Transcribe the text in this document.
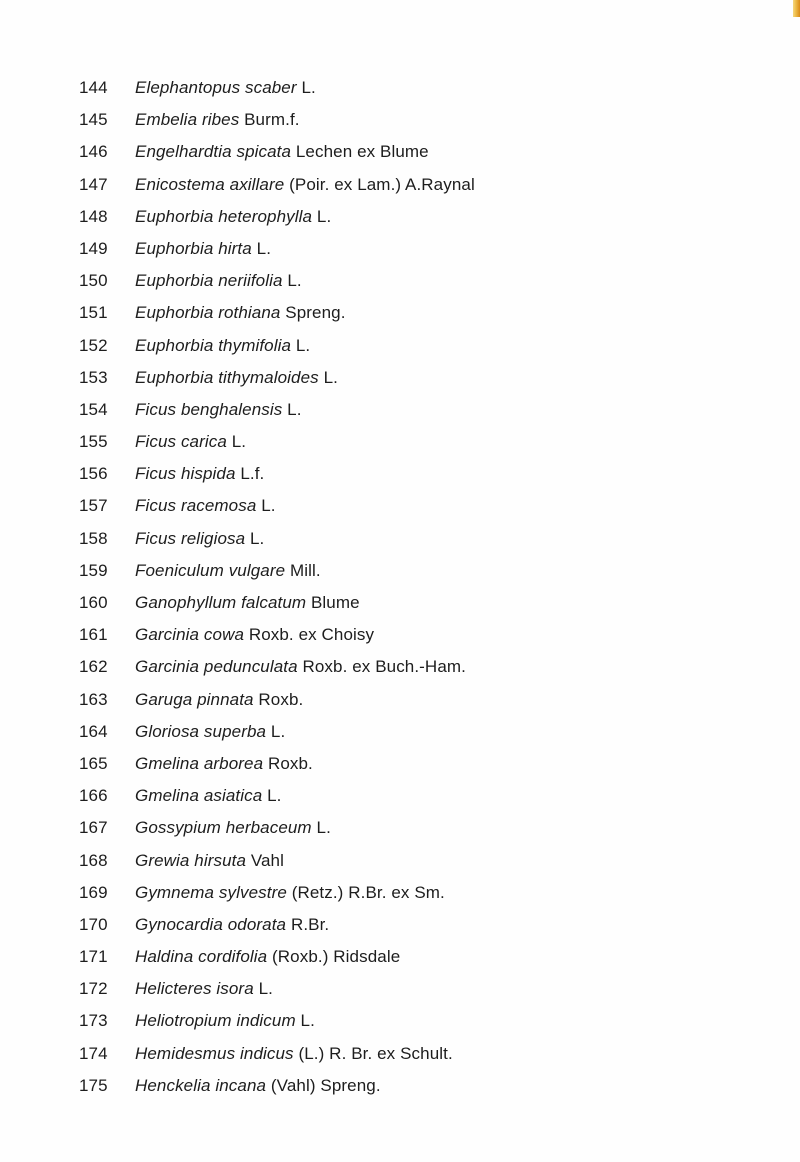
144	Elephantopus scaber L.
145	Embelia ribes Burm.f.
146	Engelhardtia spicata Lechen ex Blume
147	Enicostema axillare (Poir. ex Lam.) A.Raynal
148	Euphorbia heterophylla L.
149	Euphorbia hirta L.
150	Euphorbia neriifolia L.
151	Euphorbia rothiana Spreng.
152	Euphorbia thymifolia L.
153	Euphorbia tithymaloides L.
154	Ficus benghalensis L.
155	Ficus carica L.
156	Ficus hispida L.f.
157	Ficus racemosa L.
158	Ficus religiosa L.
159	Foeniculum vulgare Mill.
160	Ganophyllum falcatum Blume
161	Garcinia cowa Roxb. ex Choisy
162	Garcinia pedunculata Roxb. ex Buch.-Ham.
163	Garuga pinnata Roxb.
164	Gloriosa superba L.
165	Gmelina arborea Roxb.
166	Gmelina asiatica L.
167	Gossypium herbaceum L.
168	Grewia hirsuta Vahl
169	Gymnema sylvestre (Retz.) R.Br. ex Sm.
170	Gynocardia odorata R.Br.
171	Haldina cordifolia (Roxb.) Ridsdale
172	Helicteres isora L.
173	Heliotropium indicum L.
174	Hemidesmus indicus (L.) R. Br. ex Schult.
175	Henckelia incana (Vahl) Spreng.
